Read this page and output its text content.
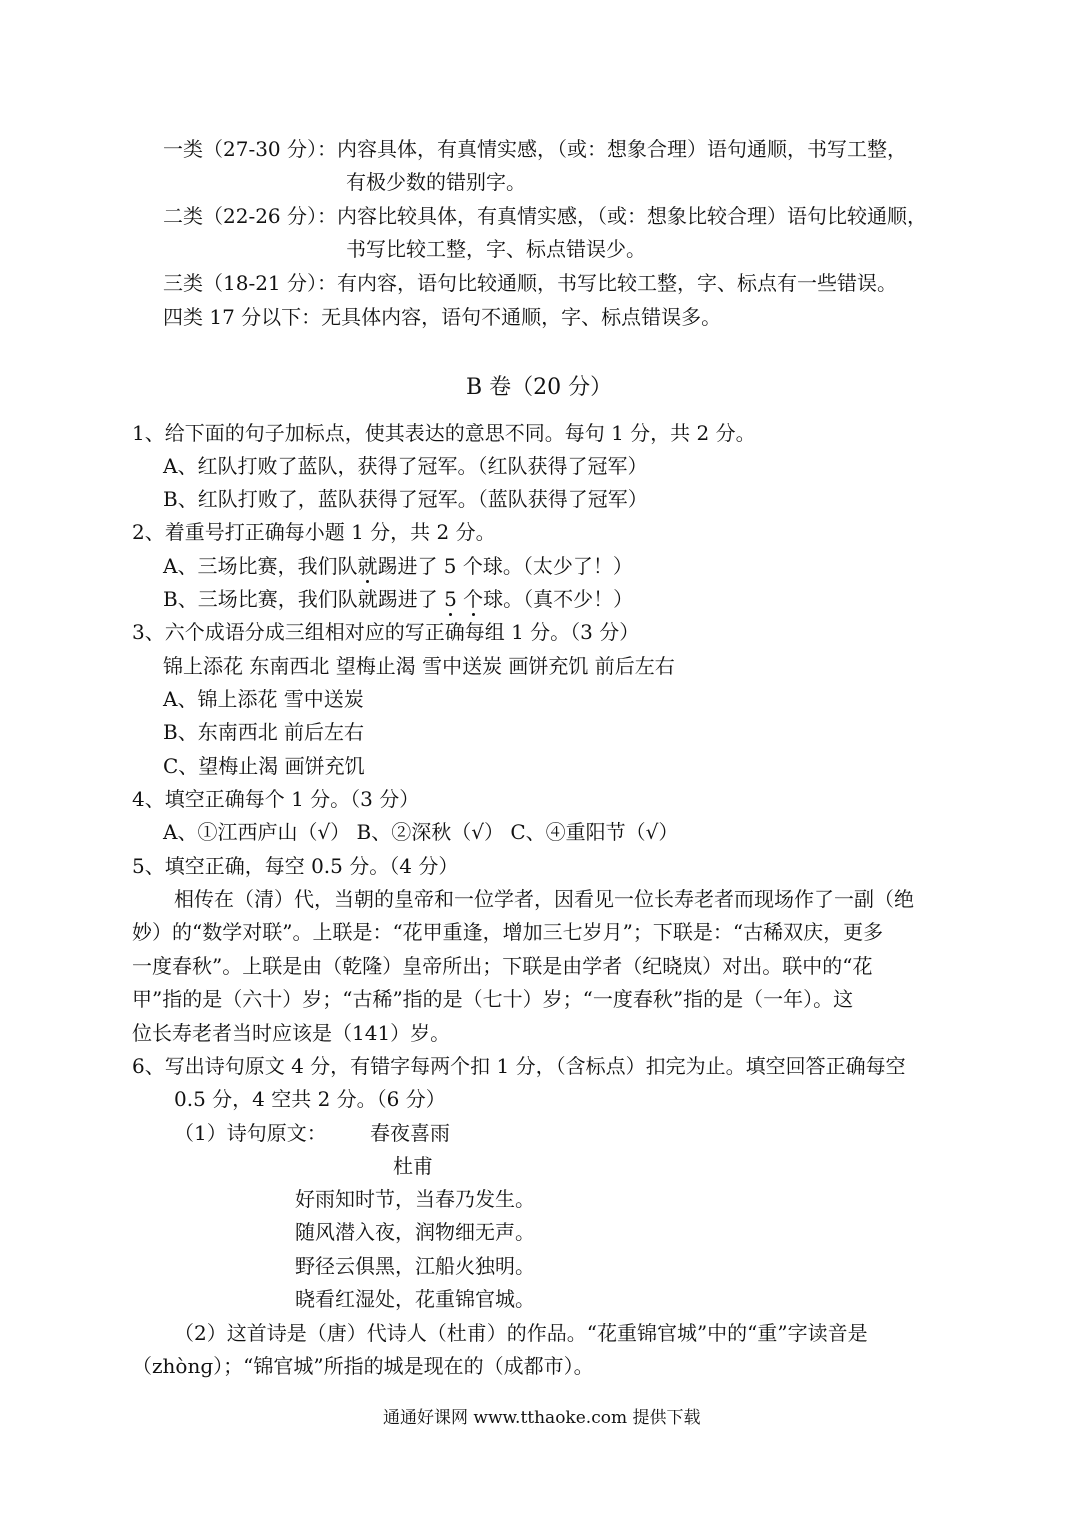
一类（27-30 分）：内容具体，有真情实感，（或：想象合理）语句通顺，书写工整，
有极少数的错别字。
二类（22-26 分）：内容比较具体，有真情实感，（或：想象比较合理）语句比较通顺，
书写比较工整，字、标点错误少。
三类（18-21 分）：有内容，语句比较通顺，书写比较工整，字、标点有一些错误。
四类 17 分以下：无具体内容，语句不通顺，字、标点错误多。
B 卷（20 分）
1、给下面的句子加标点，使其表达的意思不同。每句 1 分，共 2 分。
A、红队打败了蓝队，获得了冠军。（红队获得了冠军）
B、红队打败了，蓝队获得了冠军。（蓝队获得了冠军）
2、着重号打正确每小题 1 分，共 2 分。
A、三场比赛，我们队就踢进了 5 个球。（太少了！）
B、三场比赛，我们队就踢进了 5 个球。（真不少！）
3、六个成语分成三组相对应的写正确每组 1 分。（3 分）
锦上添花 东南西北 望梅止渴 雪中送炭 画饼充饥 前后左右
A、锦上添花 雪中送炭
B、东南西北 前后左右
C、望梅止渴 画饼充饥
4、填空正确每个 1 分。（3 分）
A、①江西庐山（√） B、②深秋（√） C、④重阳节（√）
5、填空正确，每空 0.5 分。（4 分）
相传在（清）代，当朝的皇帝和一位学者，因看见一位长寿老者而现场作了一副（绝
妙）的“数学对联”。上联是：“花甲重逢，增加三七岁月”；下联是：“古稀双庆，更多
一度春秋”。上联是由（乾隆）皇帝所出；下联是由学者（纪晓岚）对出。联中的“花
甲”指的是（六十）岁；“古稀”指的是（七十）岁；“一度春秋”指的是（一年）。这
位长寿老者当时应该是（141）岁。
6、写出诗句原文 4 分，有错字每两个扣 1 分，（含标点）扣完为止。填空回答正确每空
0.5 分，4 空共 2 分。（6 分）
（1）诗句原文： 春夜喜雨
杜甫
好雨知时节，当春乃发生。
随风潜入夜，润物细无声。
野径云俱黑，江船火独明。
晓看红湿处，花重锦官城。
（2）这首诗是（唐）代诗人（杜甫）的作品。“花重锦官城”中的“重”字读音是
（zhònɡ）；“锦官城”所指的城是现在的（成都市）。
通通好课网 www.tthaoke.com 提供下载
